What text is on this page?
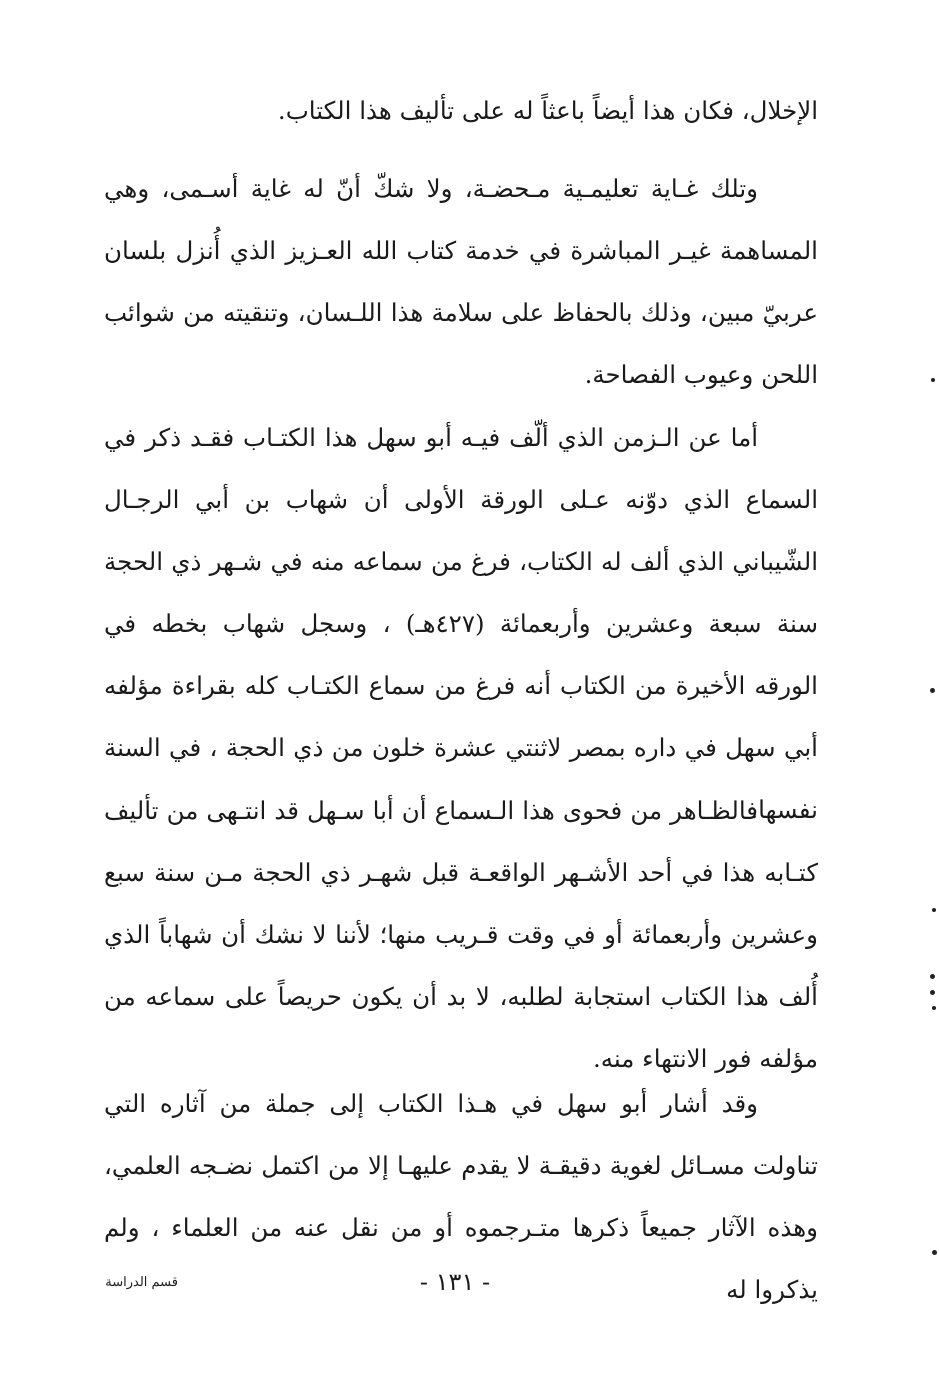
الإخلال، فكان هذا أيضاً باعثاً له على تأليف هذا الكتاب.

وتلك غـاية تعليمـية مـحضـة، ولا شكّ أنّ له غاية أسـمى، وهي المساهمة غيـر المباشرة في خدمة كتاب الله العـزيز الذي أُنزل بلسان عربيّ مبين، وذلك بالحفاظ على سلامة هذا اللـسان، وتنقيته من شوائب اللحن وعيوب الفصاحة.

أما عن الـزمن الذي ألّف فيـه أبو سهل هذا الكتـاب فقـد ذكر في السماع الذي دوّنه عـلى الورقة الأولى أن شهاب بن أبي الرجـال الشّيباني الذي ألف له الكتاب، فرغ من سماعه منه في شـهر ذي الحجة سنة سبعة وعشرين وأربعمائة (٤٢٧هـ) ، وسجل شهاب بخطه في الورقه الأخيرة من الكتاب أنه فرغ من سماع الكتـاب كله بقراءة مؤلفه أبي سهل في داره بمصر لاثنتي عشرة خلون من ذي الحجة ، في السنة نفسها.

فالظـاهر من فحوى هذا الـسماع أن أبا سـهل قد انتـهى من تأليف كتـابه هذا في أحد الأشـهر الواقعـة قبل شهـر ذي الحجة مـن سنة سبع وعشرين وأربعمائة أو في وقت قـريب منها؛ لأننا لا نشك أن شهاباً الذي أُلف هذا الكتاب استجابة لطلبه، لا بد أن يكون حريصاً على سماعه من مؤلفه فور الانتهاء منه.

وقد أشار أبو سهل في هـذا الكتاب إلى جملة من آثاره التي تناولت مسـائل لغوية دقيقـة لا يقدم عليهـا إلا من اكتمل نضـجه العلمي، وهذه الآثار جميعاً ذكرها متـرجموه أو من نقل عنه من العلماء ، ولم يذكروا له

- ١٣١ -
قسم الدراسة
